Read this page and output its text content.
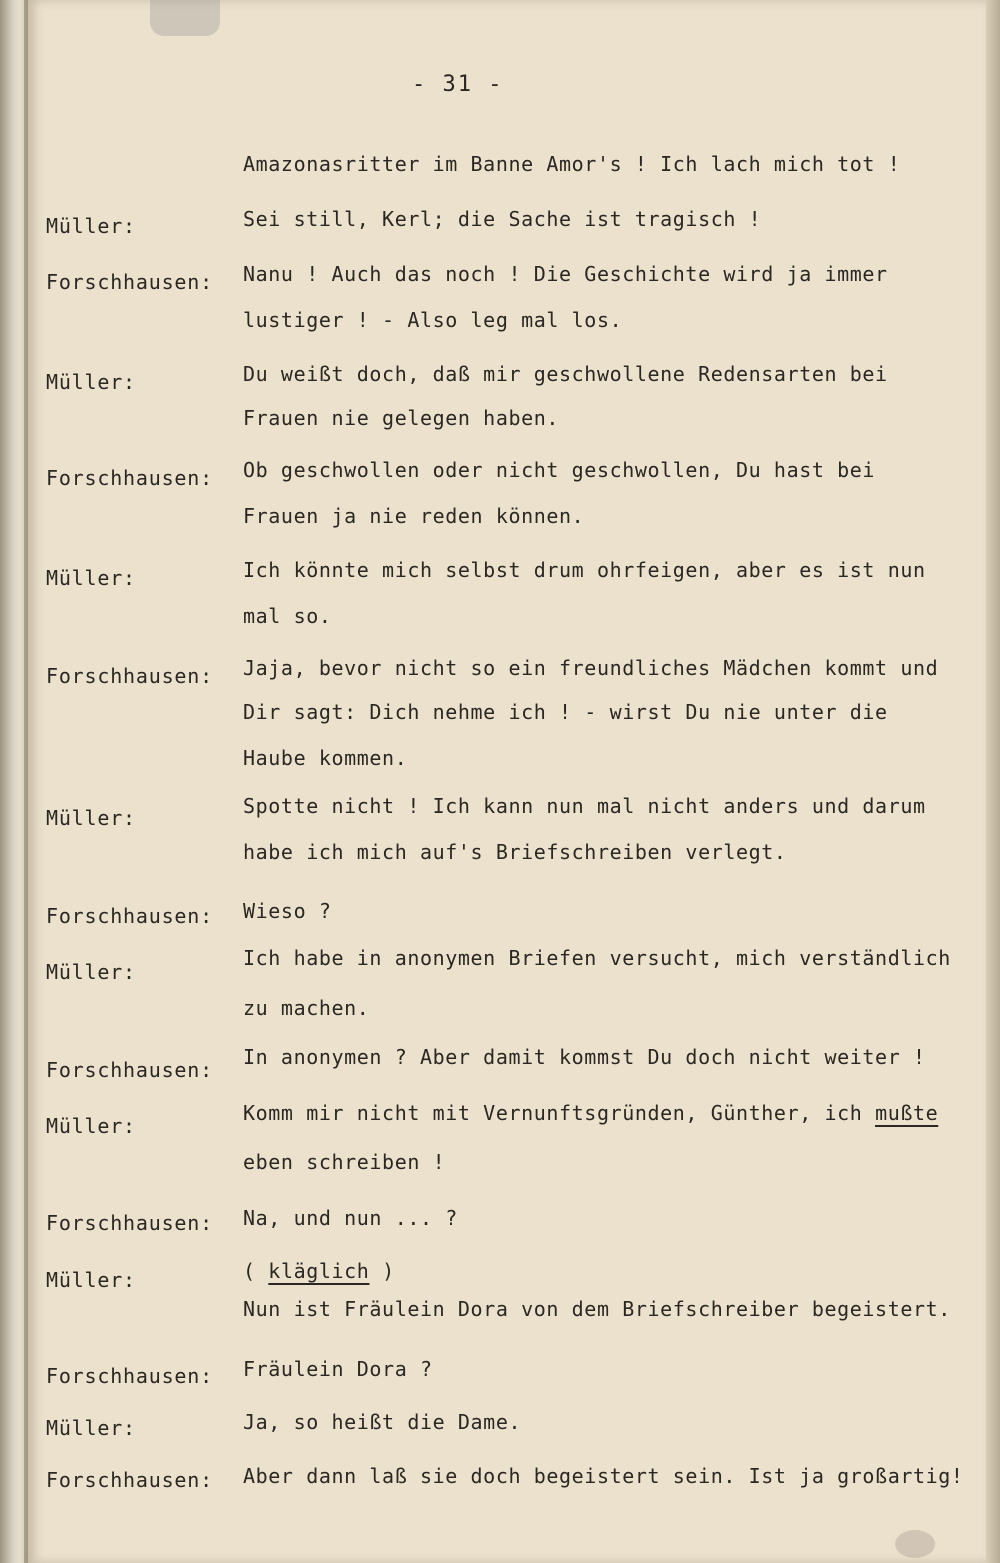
- 31 -
Amazonasritter im Banne Amor's ! Ich lach mich tot !
Sei still, Kerl; die Sache ist tragisch !
Nanu ! Auch das noch ! Die Geschichte wird ja immer
lustiger ! - Also leg mal los.
Du weißt doch, daß mir geschwollene Redensarten bei
Frauen nie gelegen haben.
Ob geschwollen oder nicht geschwollen, Du hast bei
Frauen ja nie reden können.
Ich könnte mich selbst drum ohrfeigen, aber es ist nun
mal so.
Jaja, bevor nicht so ein freundliches Mädchen kommt und
Dir sagt: Dich nehme ich ! - wirst Du nie unter die
Haube kommen.
Spotte nicht ! Ich kann nun mal nicht anders und darum
habe ich mich auf's Briefschreiben verlegt.
Wieso ?
Ich habe in anonymen Briefen versucht, mich verständlich
zu machen.
In anonymen ? Aber damit kommst Du doch nicht weiter !
Komm mir nicht mit Vernunftsgründen, Günther, ich mußte
eben schreiben !
Na, und nun ... ?
( kläglich )
Nun ist Fräulein Dora von dem Briefschreiber begeistert.
Fräulein Dora ?
Ja, so heißt die Dame.
Aber dann laß sie doch begeistert sein. Ist ja großartig!
Müller:
Forschhausen:
Müller:
Forschhausen:
Müller:
Forschhausen:
Müller:
Forschhausen:
Müller:
Forschhausen:
Müller:
Forschhausen:
Müller:
Forschhausen:
Müller:
Forschhausen:
